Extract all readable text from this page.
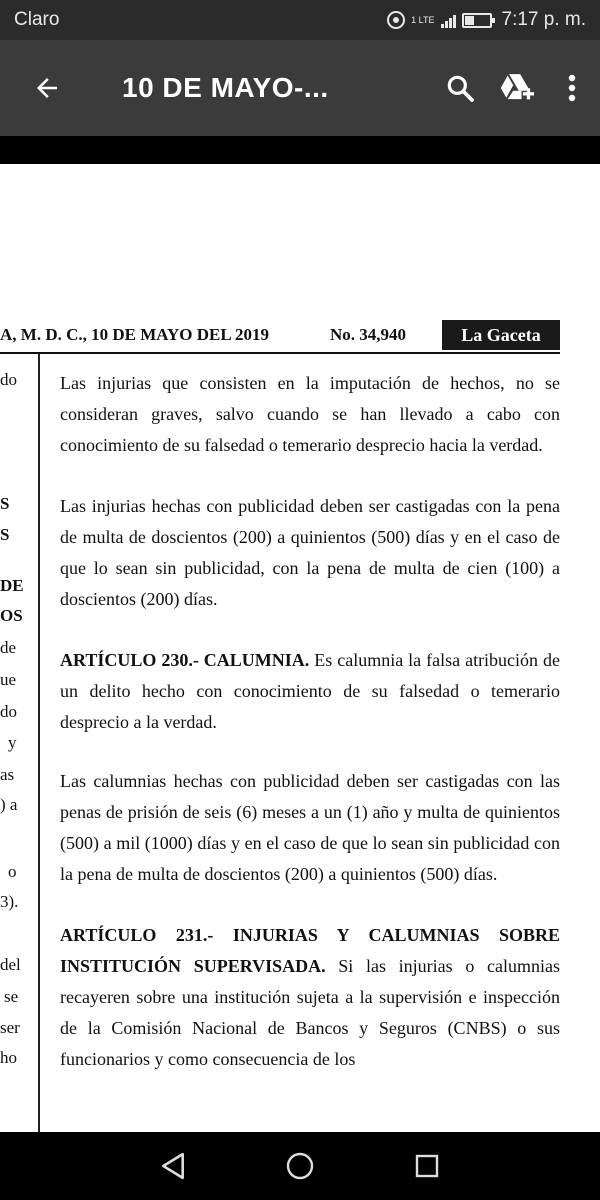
Claro	1 LTE	7:17 p. m.
10 DE MAYO-...
A, M. D. C., 10 DE MAYO DEL 2019	No. 34,940	La Gaceta
do
S
S
DE
OS
de
ue
do
y
as
) a
o
3).
del
se
ser
ho

Las injurias que consisten en la imputación de hechos, no se consideran graves, salvo cuando se han llevado a cabo con conocimiento de su falsedad o temerario desprecio hacia la verdad.

Las injurias hechas con publicidad deben ser castigadas con la pena de multa de doscientos (200) a quinientos (500) días y en el caso de que lo sean sin publicidad, con la pena de multa de cien (100) a doscientos (200) días.

ARTÍCULO 230.- CALUMNIA. Es calumnia la falsa atribución de un delito hecho con conocimiento de su falsedad o temerario desprecio a la verdad.

Las calumnias hechas con publicidad deben ser castigadas con las penas de prisión de seis (6) meses a un (1) año y multa de quinientos (500) a mil (1000) días y en el caso de que lo sean sin publicidad con la pena de multa de doscientos (200) a quinientos (500) días.

ARTÍCULO 231.- INJURIAS Y CALUMNIAS SOBRE INSTITUCIÓN SUPERVISADA. Si las injurias o calumnias recayeren sobre una institución sujeta a la supervisión e inspección de la Comisión Nacional de Bancos y Seguros (CNBS) o sus funcionarios y como consecuencia de los
